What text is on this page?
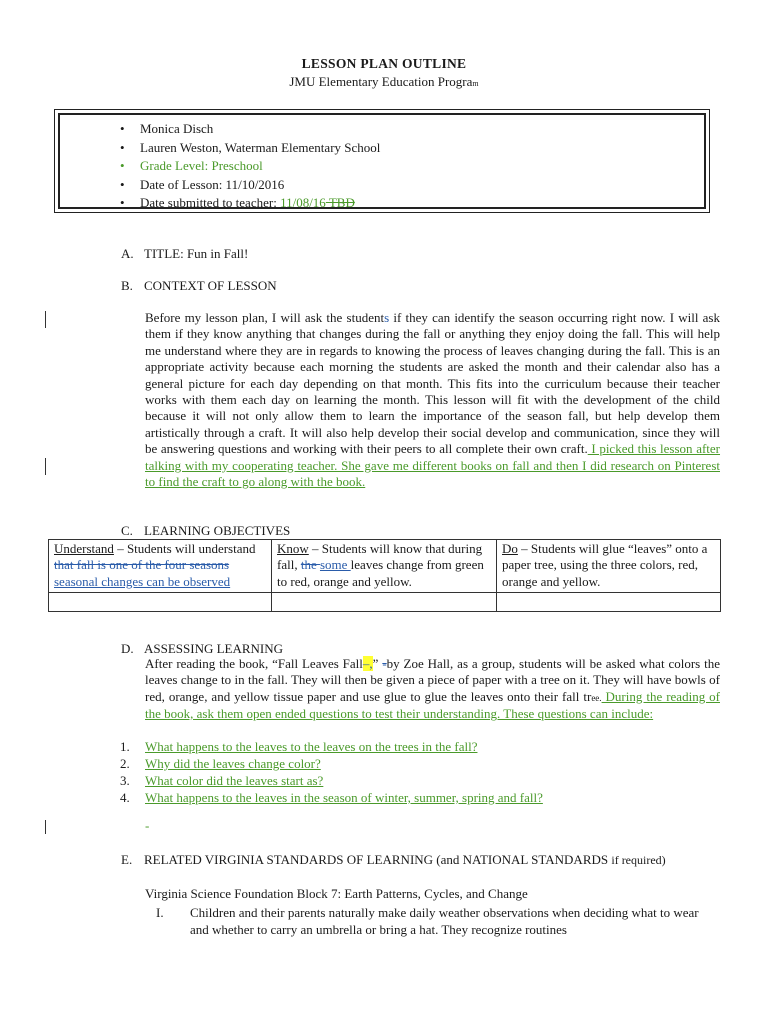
LESSON PLAN OUTLINE
JMU Elementary Education Program
• Monica Disch
• Lauren Weston, Waterman Elementary School
• Grade Level: Preschool
• Date of Lesson: 11/10/2016
• Date submitted to teacher: 11/08/16 TBD
A. TITLE: Fun in Fall!
B. CONTEXT OF LESSON

Before my lesson plan, I will ask the students if they can identify the season occurring right now. I will ask them if they know anything that changes during the fall or anything they enjoy doing the fall. This will help me understand where they are in regards to knowing the process of leaves changing during the fall. This is an appropriate activity because each morning the students are asked the month and their calendar also has a general picture for each day depending on that month. This fits into the curriculum because their teacher works with them each day on learning the month. This lesson will fit with the development of the child because it will not only allow them to learn the importance of the season fall, but help develop them artistically through a craft. It will also help develop their social develop and communication, since they will be answering questions and working with their peers to all complete their own craft. I picked this lesson after talking with my cooperating teacher. She gave me different books on fall and then I did research on Pinterest to find the craft to go along with the book.

C. LEARNING OBJECTIVES
Understand – Students will understand that fall is one of the four seasons seasonal changes can be observed	Know – Students will know that during fall, the some leaves change from green to red, orange and yellow.	Do – Students will glue “leaves” onto a paper tree, using the three colors, red, orange and yellow.

D. ASSESSING LEARNING
After reading the book, “Fall Leaves Fall–,” -by Zoe Hall, as a group, students will be asked what colors the leaves change to in the fall. They will then be given a piece of paper with a tree on it. They will have bowls of red, orange, and yellow tissue paper and use glue to glue the leaves onto their fall tree. During the reading of the book, ask them open ended questions to test their understanding. These questions can include:
1. What happens to the leaves to the leaves on the trees in the fall?
2. Why did the leaves change color?
3. What color did the leaves start as?
4. What happens to the leaves in the season of winter, summer, spring and fall?
-
E. RELATED VIRGINIA STANDARDS OF LEARNING (and NATIONAL STANDARDS if required)
Virginia Science Foundation Block 7: Earth Patterns, Cycles, and Change
I. Children and their parents naturally make daily weather observations when deciding what to wear and whether to carry an umbrella or bring a hat. They recognize routines
